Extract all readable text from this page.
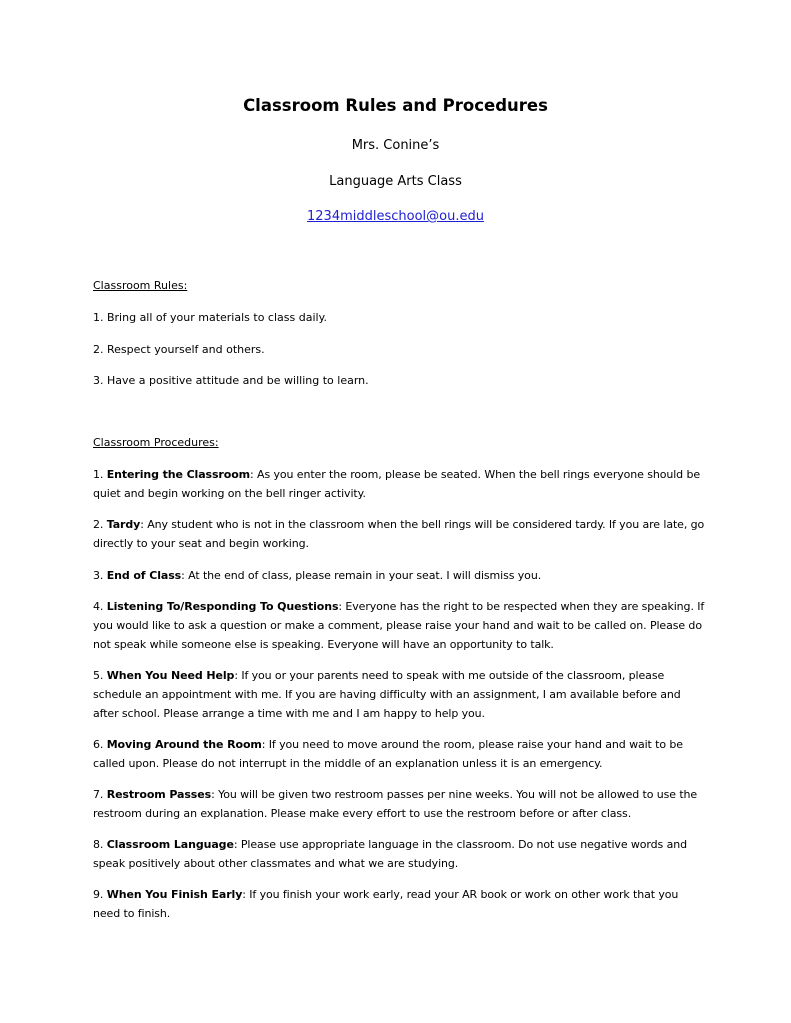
Classroom Rules and Procedures
Mrs. Conine’s
Language Arts Class
1234middleschool@ou.edu
Classroom Rules:
1. Bring all of your materials to class daily.
2. Respect yourself and others.
3. Have a positive attitude and be willing to learn.
Classroom Procedures:
1. Entering the Classroom: As you enter the room, please be seated. When the bell rings everyone should be quiet and begin working on the bell ringer activity.
2. Tardy: Any student who is not in the classroom when the bell rings will be considered tardy. If you are late, go directly to your seat and begin working.
3. End of Class: At the end of class, please remain in your seat. I will dismiss you.
4. Listening To/Responding To Questions: Everyone has the right to be respected when they are speaking. If you would like to ask a question or make a comment, please raise your hand and wait to be called on. Please do not speak while someone else is speaking. Everyone will have an opportunity to talk.
5. When You Need Help: If you or your parents need to speak with me outside of the classroom, please schedule an appointment with me. If you are having difficulty with an assignment, I am available before and after school. Please arrange a time with me and I am happy to help you.
6. Moving Around the Room: If you need to move around the room, please raise your hand and wait to be called upon. Please do not interrupt in the middle of an explanation unless it is an emergency.
7. Restroom Passes: You will be given two restroom passes per nine weeks. You will not be allowed to use the restroom during an explanation. Please make every effort to use the restroom before or after class.
8. Classroom Language: Please use appropriate language in the classroom. Do not use negative words and speak positively about other classmates and what we are studying.
9. When You Finish Early: If you finish your work early, read your AR book or work on other work that you need to finish.
